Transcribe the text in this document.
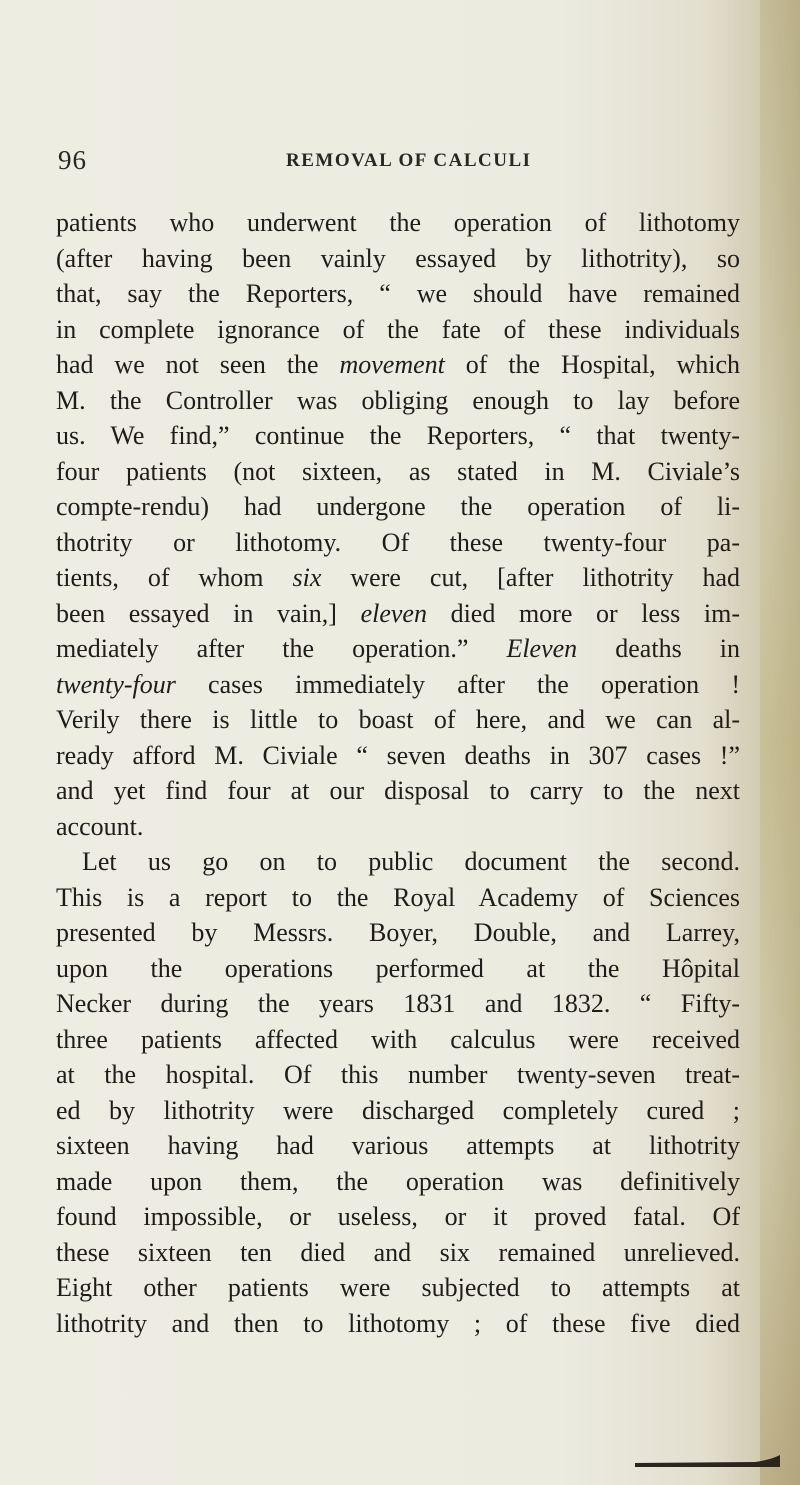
96	REMOVAL OF CALCULI
patients who underwent the operation of lithotomy
(after having been vainly essayed by lithotrity), so
that, say the Reporters, “ we should have remained
in complete ignorance of the fate of these individuals
had we not seen the movement of the Hospital, which
M. the Controller was obliging enough to lay before
us. We find,” continue the Reporters, “ that twenty-
four patients (not sixteen, as stated in M. Civiale’s
compte-rendu) had undergone the operation of li-
thotrity or lithotomy. Of these twenty-four pa-
tients, of whom six were cut, [after lithotrity had
been essayed in vain,] eleven died more or less im-
mediately after the operation.” Eleven deaths in
twenty-four cases immediately after the operation !
Verily there is little to boast of here, and we can al-
ready afford M. Civiale “ seven deaths in 307 cases !”
and yet find four at our disposal to carry to the next
account.
Let us go on to public document the second.
This is a report to the Royal Academy of Sciences
presented by Messrs. Boyer, Double, and Larrey,
upon the operations performed at the Hôpital
Necker during the years 1831 and 1832. “ Fifty-
three patients affected with calculus were received
at the hospital. Of this number twenty-seven treat-
ed by lithotrity were discharged completely cured ;
sixteen having had various attempts at lithotrity
made upon them, the operation was definitively
found impossible, or useless, or it proved fatal. Of
these sixteen ten died and six remained unrelieved.
Eight other patients were subjected to attempts at
lithotrity and then to lithotomy ; of these five died
